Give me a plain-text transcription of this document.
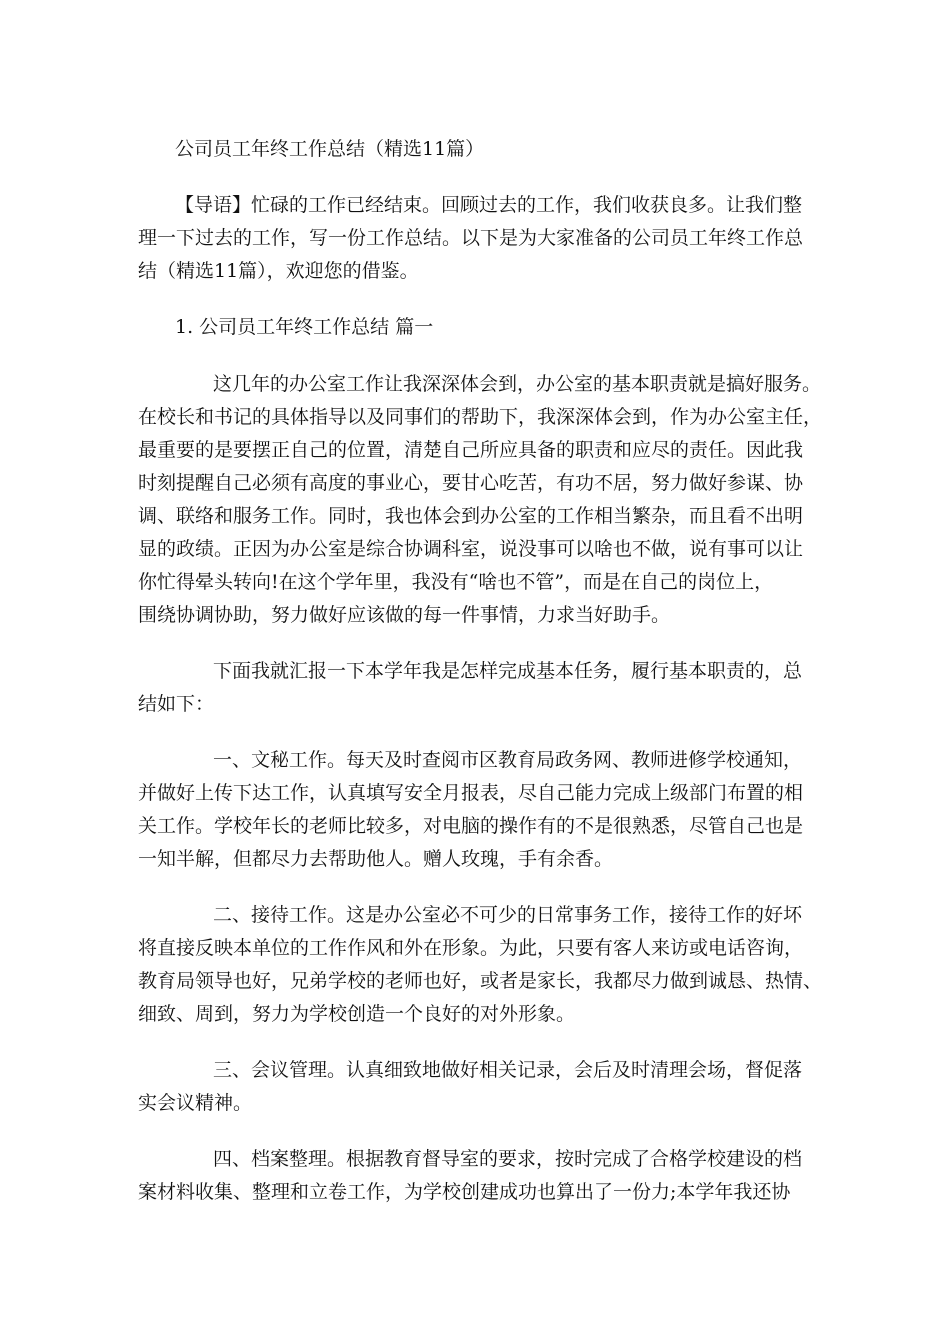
公司员工年终工作总结（精选11篇）
【导语】忙碌的工作已经结束。回顾过去的工作，我们收获良多。让我们整
理一下过去的工作，写一份工作总结。以下是为大家准备的公司员工年终工作总
结（精选11篇），欢迎您的借鉴。
1. 公司员工年终工作总结 篇一
这几年的办公室工作让我深深体会到，办公室的基本职责就是搞好服务。
在校长和书记的具体指导以及同事们的帮助下，我深深体会到，作为办公室主任，
最重要的是要摆正自己的位置，清楚自己所应具备的职责和应尽的责任。因此我
时刻提醒自己必须有高度的事业心，要甘心吃苦，有功不居，努力做好参谋、协
调、联络和服务工作。同时，我也体会到办公室的工作相当繁杂，而且看不出明
显的政绩。正因为办公室是综合协调科室，说没事可以啥也不做，说有事可以让
你忙得晕头转向!在这个学年里，我没有“啥也不管”，而是在自己的岗位上，
围绕协调协助，努力做好应该做的每一件事情，力求当好助手。
下面我就汇报一下本学年我是怎样完成基本任务，履行基本职责的，总
结如下：
一、文秘工作。每天及时查阅市区教育局政务网、教师进修学校通知，
并做好上传下达工作，认真填写安全月报表，尽自己能力完成上级部门布置的相
关工作。学校年长的老师比较多，对电脑的操作有的不是很熟悉，尽管自己也是
一知半解，但都尽力去帮助他人。赠人玫瑰，手有余香。
二、接待工作。这是办公室必不可少的日常事务工作，接待工作的好坏
将直接反映本单位的工作作风和外在形象。为此，只要有客人来访或电话咨询，
教育局领导也好，兄弟学校的老师也好，或者是家长，我都尽力做到诚恳、热情、
细致、周到，努力为学校创造一个良好的对外形象。
三、会议管理。认真细致地做好相关记录，会后及时清理会场，督促落
实会议精神。
四、档案整理。根据教育督导室的要求，按时完成了合格学校建设的档
案材料收集、整理和立卷工作，为学校创建成功也算出了一份力;本学年我还协
